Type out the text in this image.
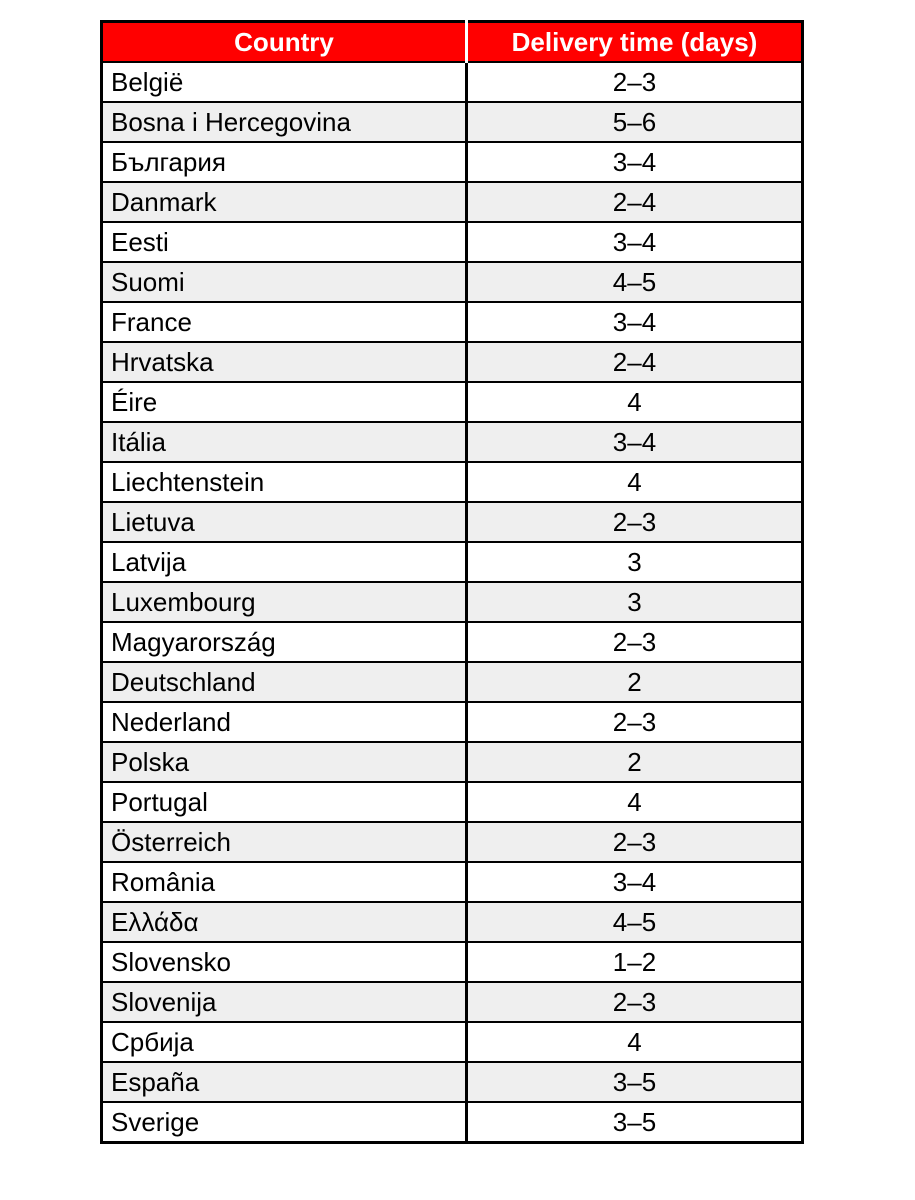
Country	Delivery time (days)
België	2–3
Bosna i Hercegovina	5–6
България	3–4
Danmark	2–4
Eesti	3–4
Suomi	4–5
France	3–4
Hrvatska	2–4
Éire	4
Itália	3–4
Liechtenstein	4
Lietuva	2–3
Latvija	3
Luxembourg	3
Magyarország	2–3
Deutschland	2
Nederland	2–3
Polska	2
Portugal	4
Österreich	2–3
România	3–4
Ελλάδα	4–5
Slovensko	1–2
Slovenija	2–3
Србија	4
España	3–5
Sverige	3–5
